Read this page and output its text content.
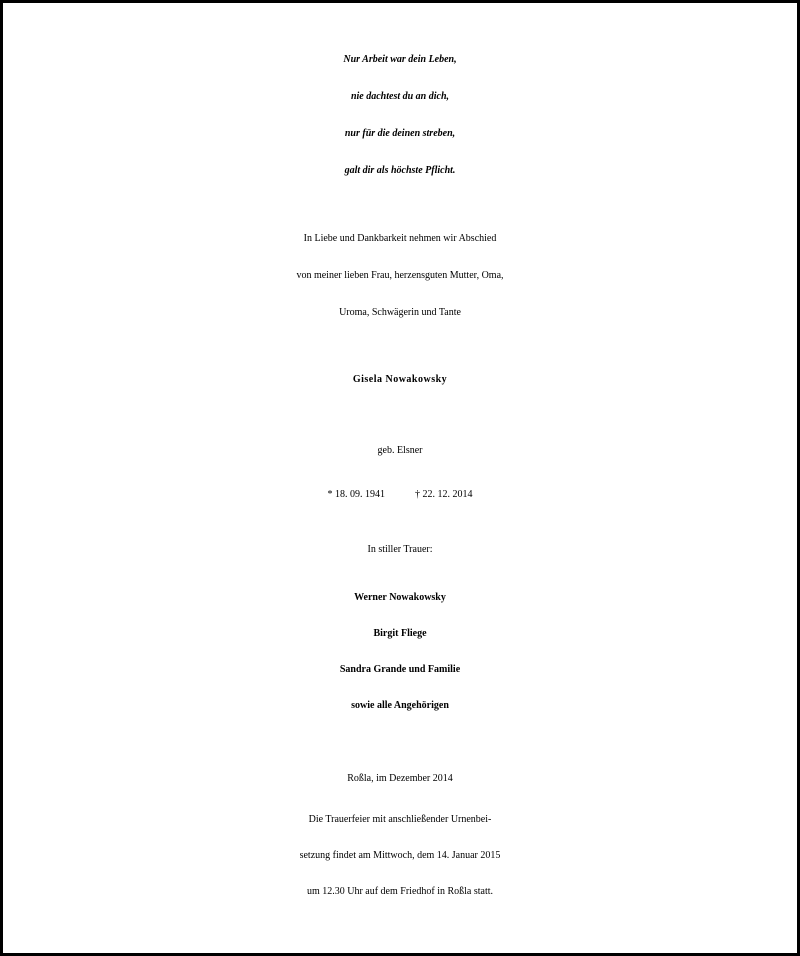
Nur Arbeit war dein Leben,
nie dachtest du an dich,
nur für die deinen streben,
galt dir als höchste Pflicht.
In Liebe und Dankbarkeit nehmen wir Abschied
von meiner lieben Frau, herzensguten Mutter, Oma,
Uroma, Schwägerin und Tante
Gisela Nowakowsky
geb. Elsner
* 18. 09. 1941	† 22. 12. 2014
In stiller Trauer:
Werner Nowakowsky
Birgit Fliege
Sandra Grande und Familie
sowie alle Angehörigen
Roßla, im Dezember 2014
Die Trauerfeier mit anschließender Urnenbei-
setzung findet am Mittwoch, dem 14. Januar 2015
um 12.30 Uhr auf dem Friedhof in Roßla statt.
